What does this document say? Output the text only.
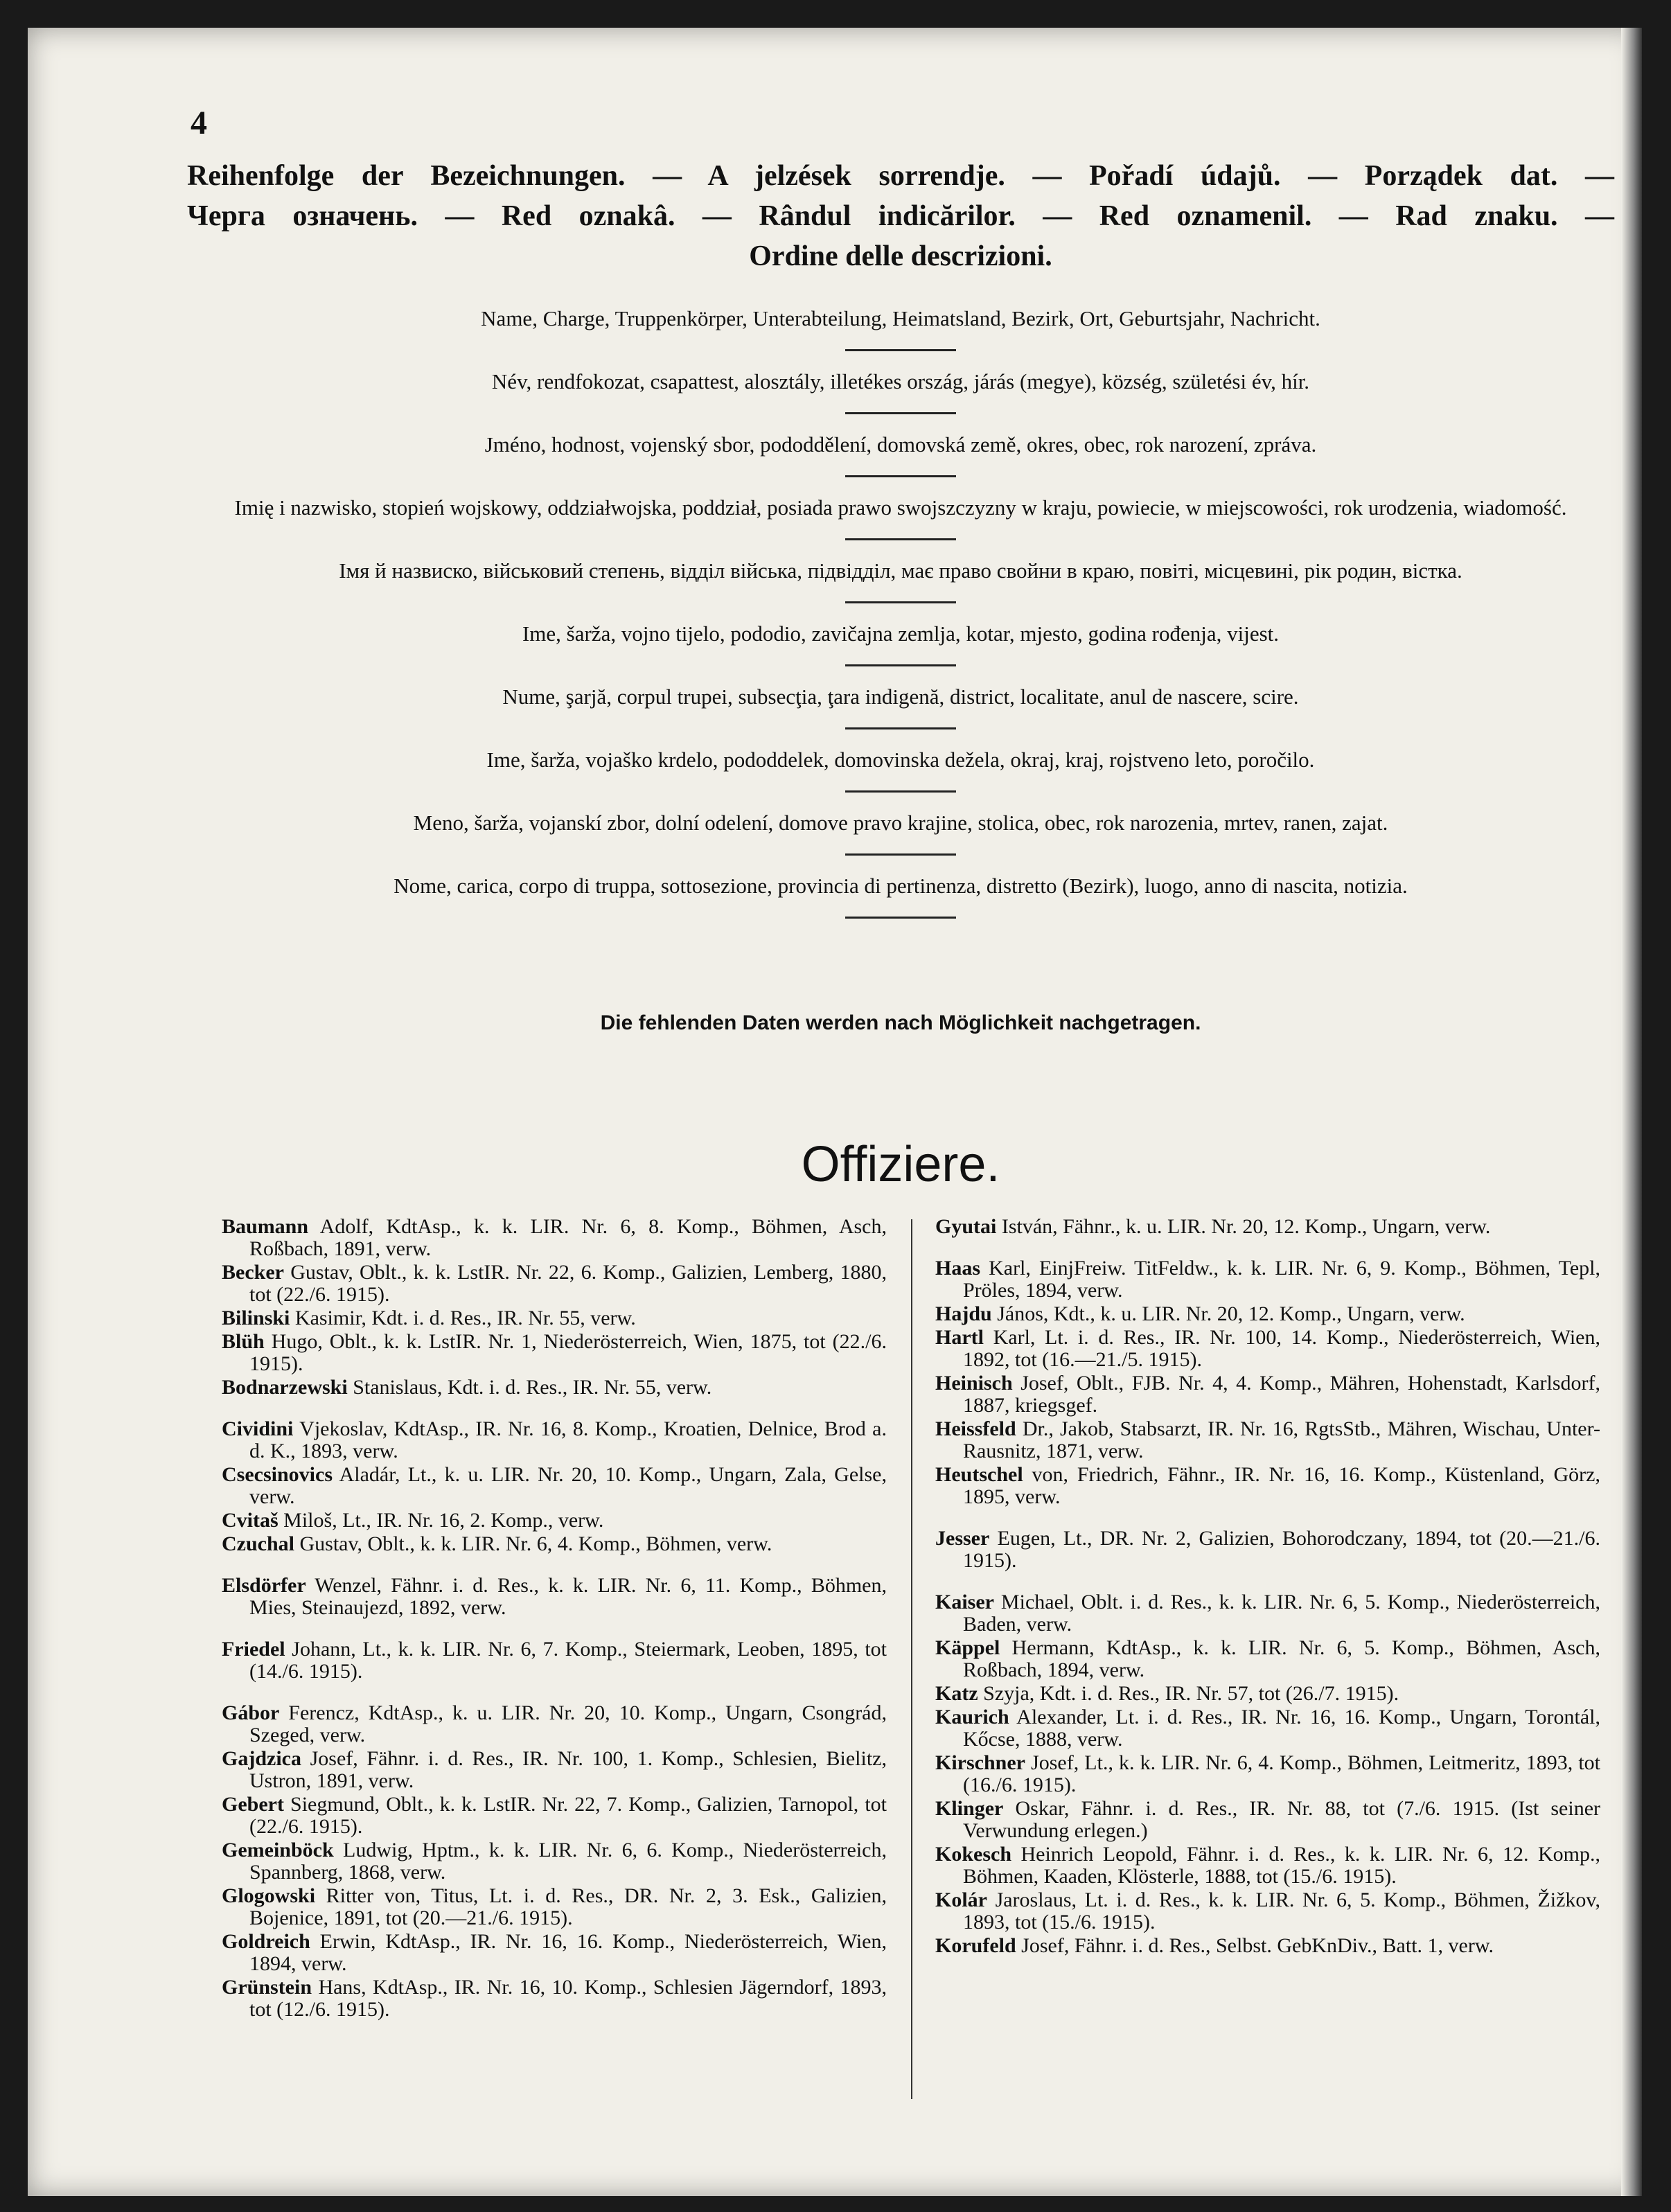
4
Reihenfolge der Bezeichnungen. — A jelzések sorrendje. — Pořadí údajů. — Porządek dat. —
Черга означень. — Red oznakâ. — Rândul indicărilor. — Red oznamenil. — Rad znaku. —
Ordine delle descrizioni.

Name, Charge, Truppenkörper, Unterabteilung, Heimatsland, Bezirk, Ort, Geburtsjahr, Nachricht.

Név, rendfokozat, csapattest, alosztály, illetékes ország, járás (megye), község, születési év, hír.

Jméno, hodnost, vojenský sbor, pododdělení, domovská země, okres, obec, rok narození, zpráva.

Imię i nazwisko, stopień wojskowy, oddziałwojska, poddział, posiada prawo swojszczyzny w kraju, powiecie, w miejscowości, rok urodzenia, wiadomość.

Імя й назвиско, військовий степень, відділ війська, підвідділ, має право свойни в краю, повіті, місцевині, рік родин, вістка.

Ime, šarža, vojno tijelo, pododio, zavičajna zemlja, kotar, mjesto, godina rođenja, vijest.

Nume, şarjă, corpul trupei, subsecţia, ţara indigenă, district, localitate, anul de nascere, scire.

Ime, šarža, vojaško krdelo, pododdelek, domovinska dežela, okraj, kraj, rojstveno leto, poročilo.

Meno, šarža, vojanskí zbor, dolní odelení, domove pravo krajine, stolica, obec, rok narozenia, mrtev, ranen, zajat.

Nome, carica, corpo di truppa, sottosezione, provincia di pertinenza, distretto (Bezirk), luogo, anno di nascita, notizia.

Die fehlenden Daten werden nach Möglichkeit nachgetragen.
Offiziere.

Baumann Adolf, KdtAsp., k. k. LIR. Nr. 6, 8. Komp., Böhmen, Asch, Roßbach, 1891, verw.

Becker Gustav, Oblt., k. k. LstIR. Nr. 22, 6. Komp., Galizien, Lemberg, 1880, tot (22./6. 1915).

Bilinski Kasimir, Kdt. i. d. Res., IR. Nr. 55, verw.

Blüh Hugo, Oblt., k. k. LstIR. Nr. 1, Niederösterreich, Wien, 1875, tot (22./6. 1915).

Bodnarzewski Stanislaus, Kdt. i. d. Res., IR. Nr. 55, verw.

Cividini Vjekoslav, KdtAsp., IR. Nr. 16, 8. Komp., Kroatien, Delnice, Brod a. d. K., 1893, verw.

Csecsinovics Aladár, Lt., k. u. LIR. Nr. 20, 10. Komp., Ungarn, Zala, Gelse, verw.

Cvitaš Miloš, Lt., IR. Nr. 16, 2. Komp., verw.

Czuchal Gustav, Oblt., k. k. LIR. Nr. 6, 4. Komp., Böhmen, verw.

Elsdörfer Wenzel, Fähnr. i. d. Res., k. k. LIR. Nr. 6, 11. Komp., Böhmen, Mies, Steinaujezd, 1892, verw.

Friedel Johann, Lt., k. k. LIR. Nr. 6, 7. Komp., Steiermark, Leoben, 1895, tot (14./6. 1915).

Gábor Ferencz, KdtAsp., k. u. LIR. Nr. 20, 10. Komp., Ungarn, Csongrád, Szeged, verw.

Gajdzica Josef, Fähnr. i. d. Res., IR. Nr. 100, 1. Komp., Schlesien, Bielitz, Ustron, 1891, verw.

Gebert Siegmund, Oblt., k. k. LstIR. Nr. 22, 7. Komp., Galizien, Tarnopol, tot (22./6. 1915).

Gemeinböck Ludwig, Hptm., k. k. LIR. Nr. 6, 6. Komp., Niederösterreich, Spannberg, 1868, verw.

Glogowski Ritter von, Titus, Lt. i. d. Res., DR. Nr. 2, 3. Esk., Galizien, Bojenice, 1891, tot (20.—21./6. 1915).

Goldreich Erwin, KdtAsp., IR. Nr. 16, 16. Komp., Niederösterreich, Wien, 1894, verw.

Grünstein Hans, KdtAsp., IR. Nr. 16, 10. Komp., Schlesien Jägerndorf, 1893, tot (12./6. 1915).

Gyutai István, Fähnr., k. u. LIR. Nr. 20, 12. Komp., Ungarn, verw.

Haas Karl, EinjFreiw. TitFeldw., k. k. LIR. Nr. 6, 9. Komp., Böhmen, Tepl, Pröles, 1894, verw.

Hajdu János, Kdt., k. u. LIR. Nr. 20, 12. Komp., Ungarn, verw.

Hartl Karl, Lt. i. d. Res., IR. Nr. 100, 14. Komp., Niederösterreich, Wien, 1892, tot (16.—21./5. 1915).

Heinisch Josef, Oblt., FJB. Nr. 4, 4. Komp., Mähren, Hohenstadt, Karlsdorf, 1887, kriegsgef.

Heissfeld Dr., Jakob, Stabsarzt, IR. Nr. 16, RgtsStb., Mähren, Wischau, Unter-Rausnitz, 1871, verw.

Heutschel von, Friedrich, Fähnr., IR. Nr. 16, 16. Komp., Küstenland, Görz, 1895, verw.

Jesser Eugen, Lt., DR. Nr. 2, Galizien, Bohorodczany, 1894, tot (20.—21./6. 1915).

Kaiser Michael, Oblt. i. d. Res., k. k. LIR. Nr. 6, 5. Komp., Niederösterreich, Baden, verw.

Käppel Hermann, KdtAsp., k. k. LIR. Nr. 6, 5. Komp., Böhmen, Asch, Roßbach, 1894, verw.

Katz Szyja, Kdt. i. d. Res., IR. Nr. 57, tot (26./7. 1915).

Kaurich Alexander, Lt. i. d. Res., IR. Nr. 16, 16. Komp., Ungarn, Torontál, Kőcse, 1888, verw.

Kirschner Josef, Lt., k. k. LIR. Nr. 6, 4. Komp., Böhmen, Leitmeritz, 1893, tot (16./6. 1915).

Klinger Oskar, Fähnr. i. d. Res., IR. Nr. 88, tot (7./6. 1915. (Ist seiner Verwundung erlegen.)

Kokesch Heinrich Leopold, Fähnr. i. d. Res., k. k. LIR. Nr. 6, 12. Komp., Böhmen, Kaaden, Klösterle, 1888, tot (15./6. 1915).

Kolár Jaroslaus, Lt. i. d. Res., k. k. LIR. Nr. 6, 5. Komp., Böhmen, Žižkov, 1893, tot (15./6. 1915).

Korufeld Josef, Fähnr. i. d. Res., Selbst. GebKnDiv., Batt. 1, verw.
